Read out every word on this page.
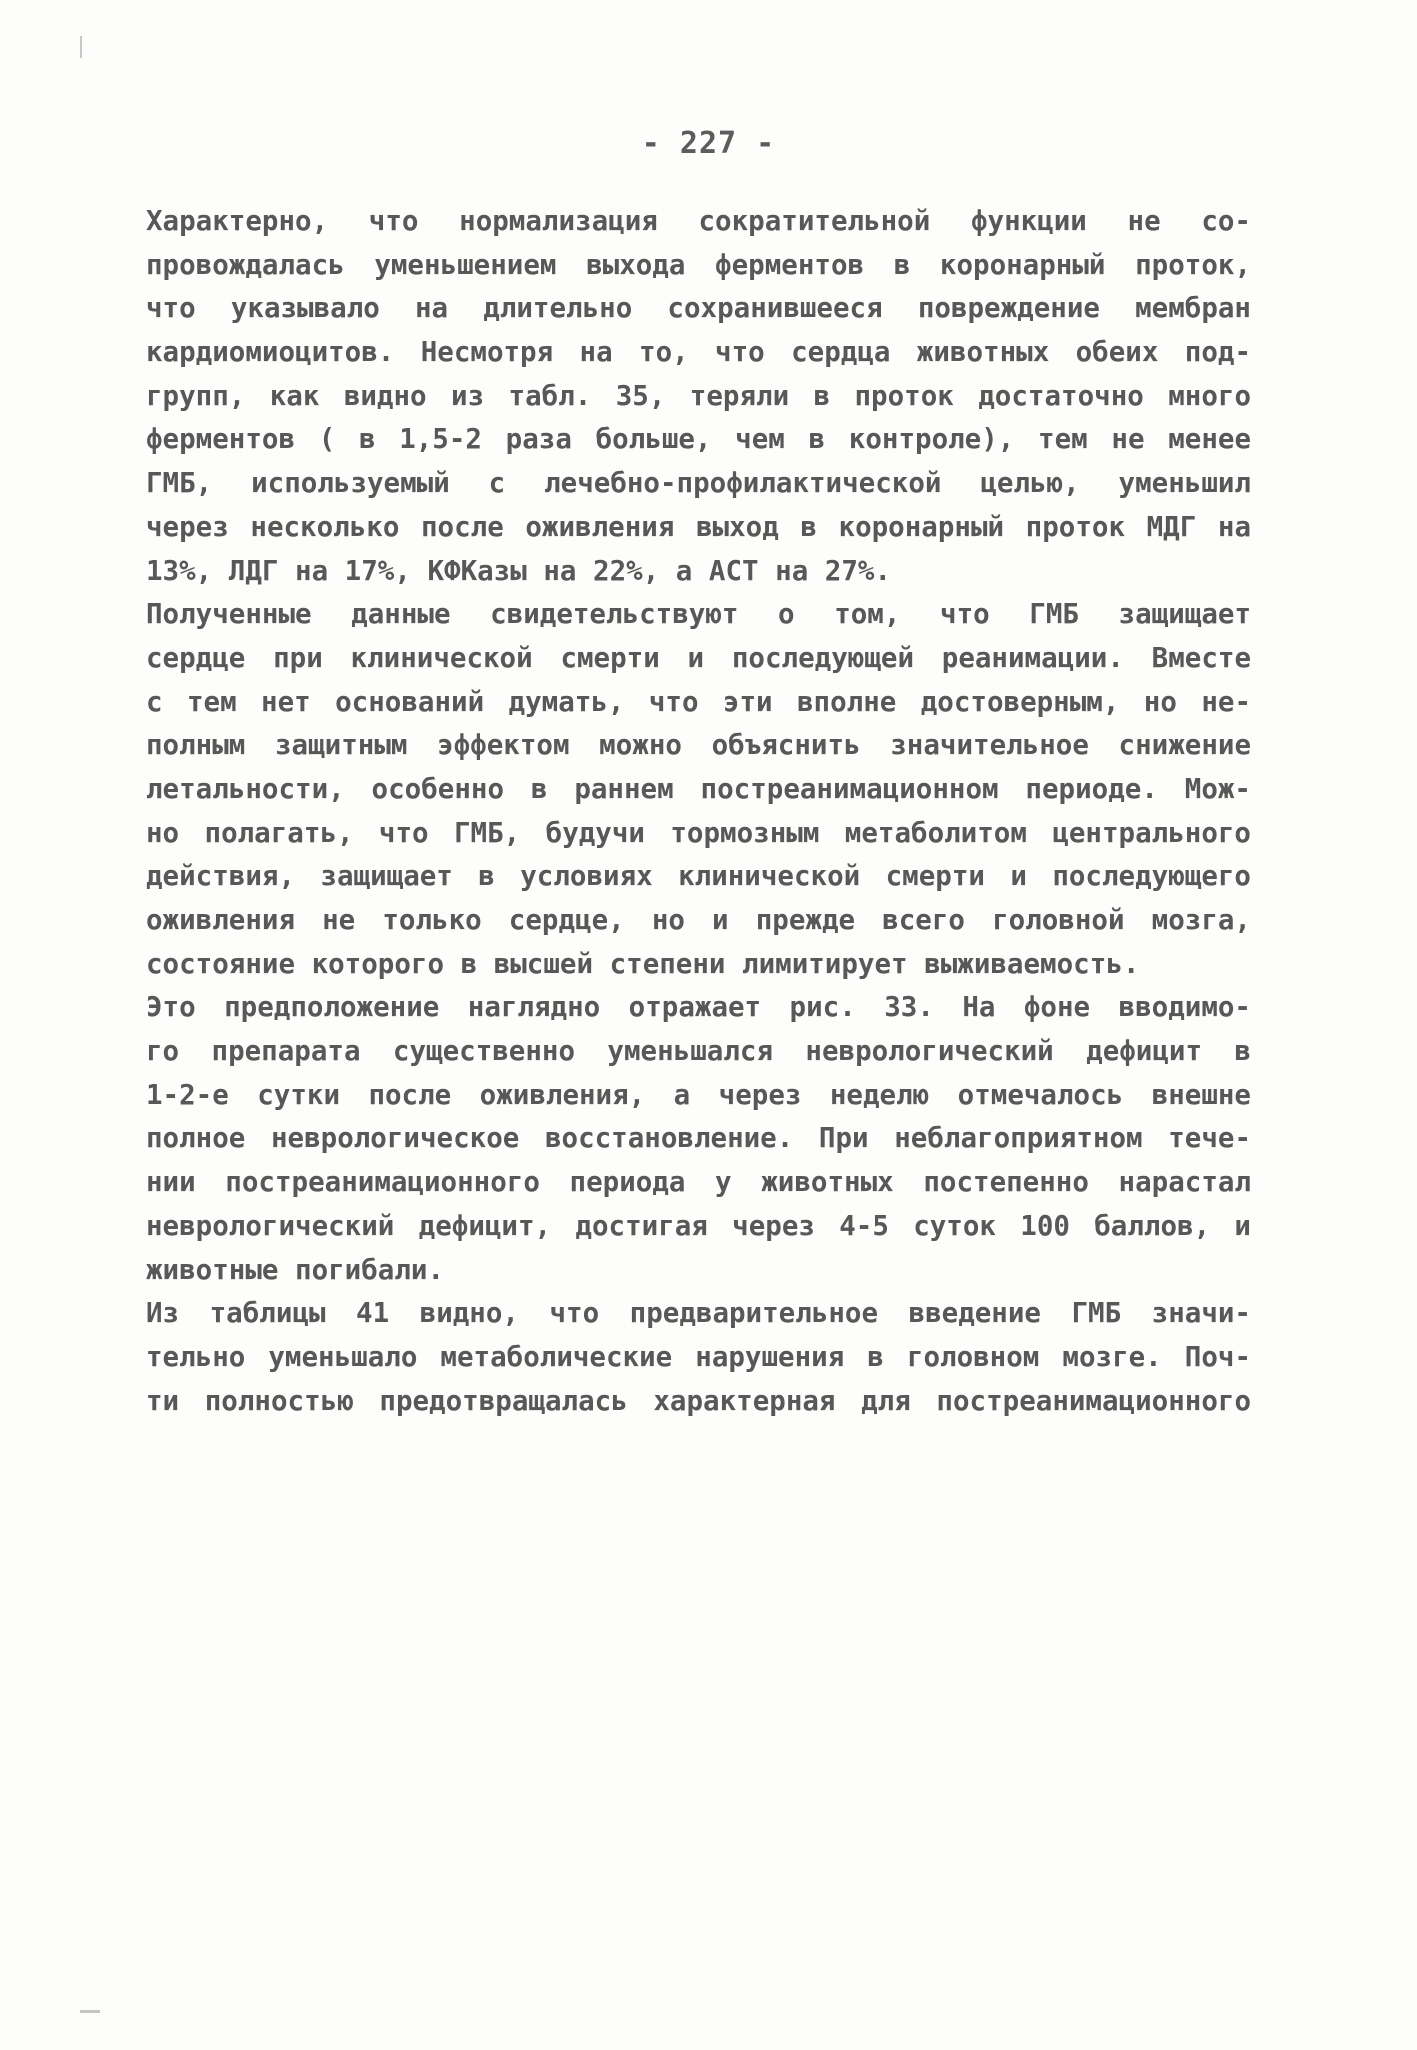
- 227 -
Характерно, что нормализация сократительной функции не со-
провождалась уменьшением выхода ферментов в коронарный проток,
что указывало на длительно сохранившееся повреждение мембран
кардиомиоцитов. Несмотря на то, что сердца животных обеих под-
групп, как видно из табл. 35, теряли в проток достаточно много
ферментов ( в 1,5-2 раза больше, чем в контроле), тем не менее
ГМБ, используемый с лечебно-профилактической целью, уменьшил
через несколько после оживления выход в коронарный проток МДГ на
13%, ЛДГ на 17%, КФКазы на 22%, а АСТ на 27%.
Полученные данные свидетельствуют о том, что ГМБ защищает
сердце при клинической смерти и последующей реанимации. Вместе
с тем нет оснований думать, что эти вполне достоверным, но не-
полным защитным эффектом можно объяснить значительное снижение
летальности, особенно в раннем постреанимационном периоде. Мож-
но полагать, что ГМБ, будучи тормозным метаболитом центрального
действия, защищает в условиях клинической смерти и последующего
оживления не только сердце, но и прежде всего головной мозга,
состояние которого в высшей степени лимитирует выживаемость.
Это предположение наглядно отражает рис. 33. На фоне вводимо-
го препарата существенно уменьшался неврологический дефицит в
1-2-е сутки после оживления, а через неделю отмечалось внешне
полное неврологическое восстановление. При неблагоприятном тече-
нии постреанимационного периода у животных постепенно нарастал
неврологический дефицит, достигая через 4-5 суток 100 баллов, и
животные погибали.
Из таблицы 41 видно, что предварительное введение ГМБ значи-
тельно уменьшало метаболические нарушения в головном мозге. Поч-
ти полностью предотвращалась характерная для постреанимационного
